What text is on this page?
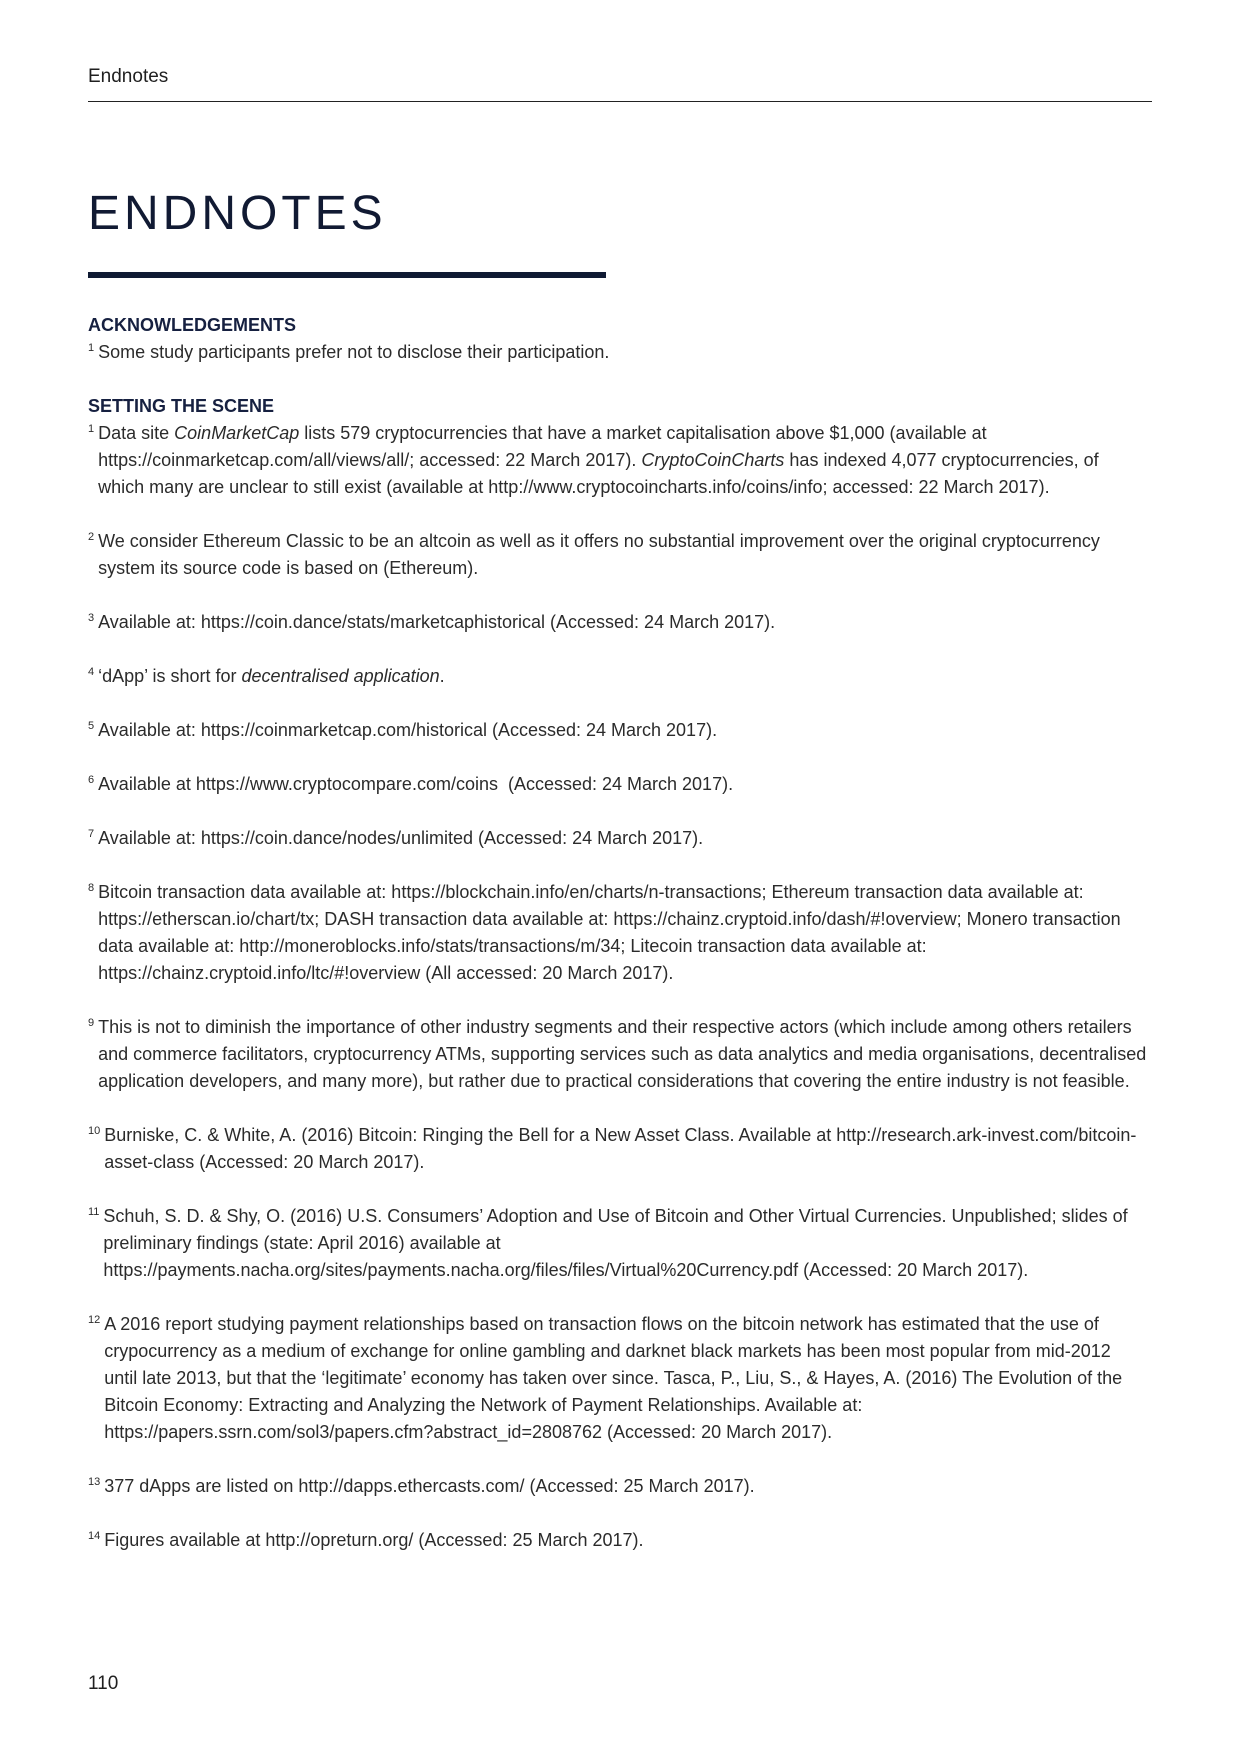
Endnotes
ENDNOTES
ACKNOWLEDGEMENTS
1 Some study participants prefer not to disclose their participation.
SETTING THE SCENE
1 Data site CoinMarketCap lists 579 cryptocurrencies that have a market capitalisation above $1,000 (available at https://coinmarketcap.com/all/views/all/; accessed: 22 March 2017). CryptoCoinCharts has indexed 4,077 cryptocurrencies, of which many are unclear to still exist (available at http://www.cryptocoincharts.info/coins/info; accessed: 22 March 2017).
2 We consider Ethereum Classic to be an altcoin as well as it offers no substantial improvement over the original cryptocurrency system its source code is based on (Ethereum).
3 Available at: https://coin.dance/stats/marketcaphistorical (Accessed: 24 March 2017).
4 ‘dApp’ is short for decentralised application.
5 Available at: https://coinmarketcap.com/historical (Accessed: 24 March 2017).
6 Available at https://www.cryptocompare.com/coins  (Accessed: 24 March 2017).
7 Available at: https://coin.dance/nodes/unlimited (Accessed: 24 March 2017).
8 Bitcoin transaction data available at: https://blockchain.info/en/charts/n-transactions; Ethereum transaction data available at: https://etherscan.io/chart/tx; DASH transaction data available at: https://chainz.cryptoid.info/dash/#!overview; Monero transaction data available at: http://moneroblocks.info/stats/transactions/m/34; Litecoin transaction data available at: https://chainz.cryptoid.info/ltc/#!overview (All accessed: 20 March 2017).
9 This is not to diminish the importance of other industry segments and their respective actors (which include among others retailers and commerce facilitators, cryptocurrency ATMs, supporting services such as data analytics and media organisations, decentralised application developers, and many more), but rather due to practical considerations that covering the entire industry is not feasible.
10 Burniske, C. & White, A. (2016) Bitcoin: Ringing the Bell for a New Asset Class. Available at http://research.ark-invest.com/bitcoin-asset-class (Accessed: 20 March 2017).
11 Schuh, S. D. & Shy, O. (2016) U.S. Consumers’ Adoption and Use of Bitcoin and Other Virtual Currencies. Unpublished; slides of preliminary findings (state: April 2016) available at https://payments.nacha.org/sites/payments.nacha.org/files/files/Virtual%20Currency.pdf (Accessed: 20 March 2017).
12 A 2016 report studying payment relationships based on transaction flows on the bitcoin network has estimated that the use of crypocurrency as a medium of exchange for online gambling and darknet black markets has been most popular from mid-2012 until late 2013, but that the ‘legitimate’ economy has taken over since. Tasca, P., Liu, S., & Hayes, A. (2016) The Evolution of the Bitcoin Economy: Extracting and Analyzing the Network of Payment Relationships. Available at: https://papers.ssrn.com/sol3/papers.cfm?abstract_id=2808762 (Accessed: 20 March 2017).
13 377 dApps are listed on http://dapps.ethercasts.com/ (Accessed: 25 March 2017).
14 Figures available at http://opreturn.org/ (Accessed: 25 March 2017).
110
